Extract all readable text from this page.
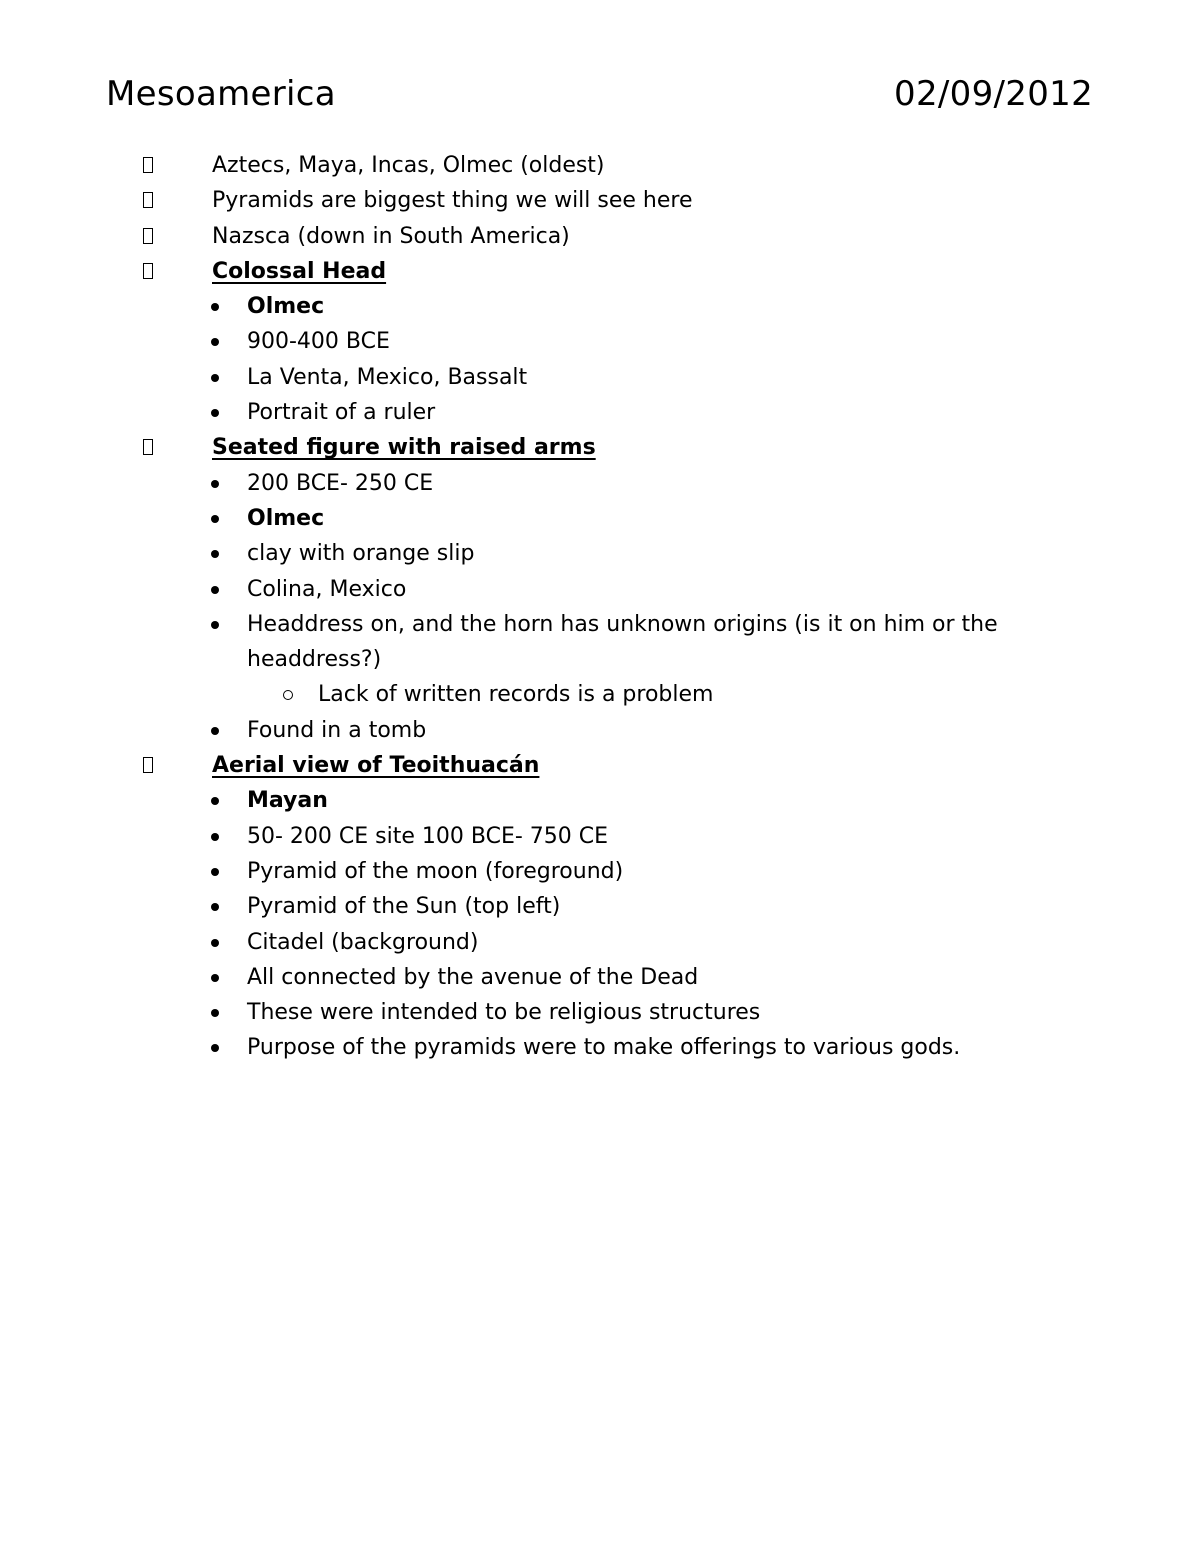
Mesoamerica	02/09/2012
Aztecs, Maya, Incas, Olmec (oldest)
Pyramids are biggest thing we will see here
Nazsca (down in South America)
Colossal Head
Olmec
900-400 BCE
La Venta, Mexico, Bassalt
Portrait of a ruler
Seated figure with raised arms
200 BCE- 250 CE
Olmec
clay with orange slip
Colina, Mexico
Headdress on, and the horn has unknown origins (is it on him or the headdress?)
Lack of written records is a problem
Found in a tomb
Aerial view of Teoithuacán
Mayan
50- 200 CE site 100 BCE- 750 CE
Pyramid of the moon (foreground)
Pyramid of the Sun (top left)
Citadel (background)
All connected by the avenue of the Dead
These were intended to be religious structures
Purpose of the pyramids were to make offerings to various gods.
